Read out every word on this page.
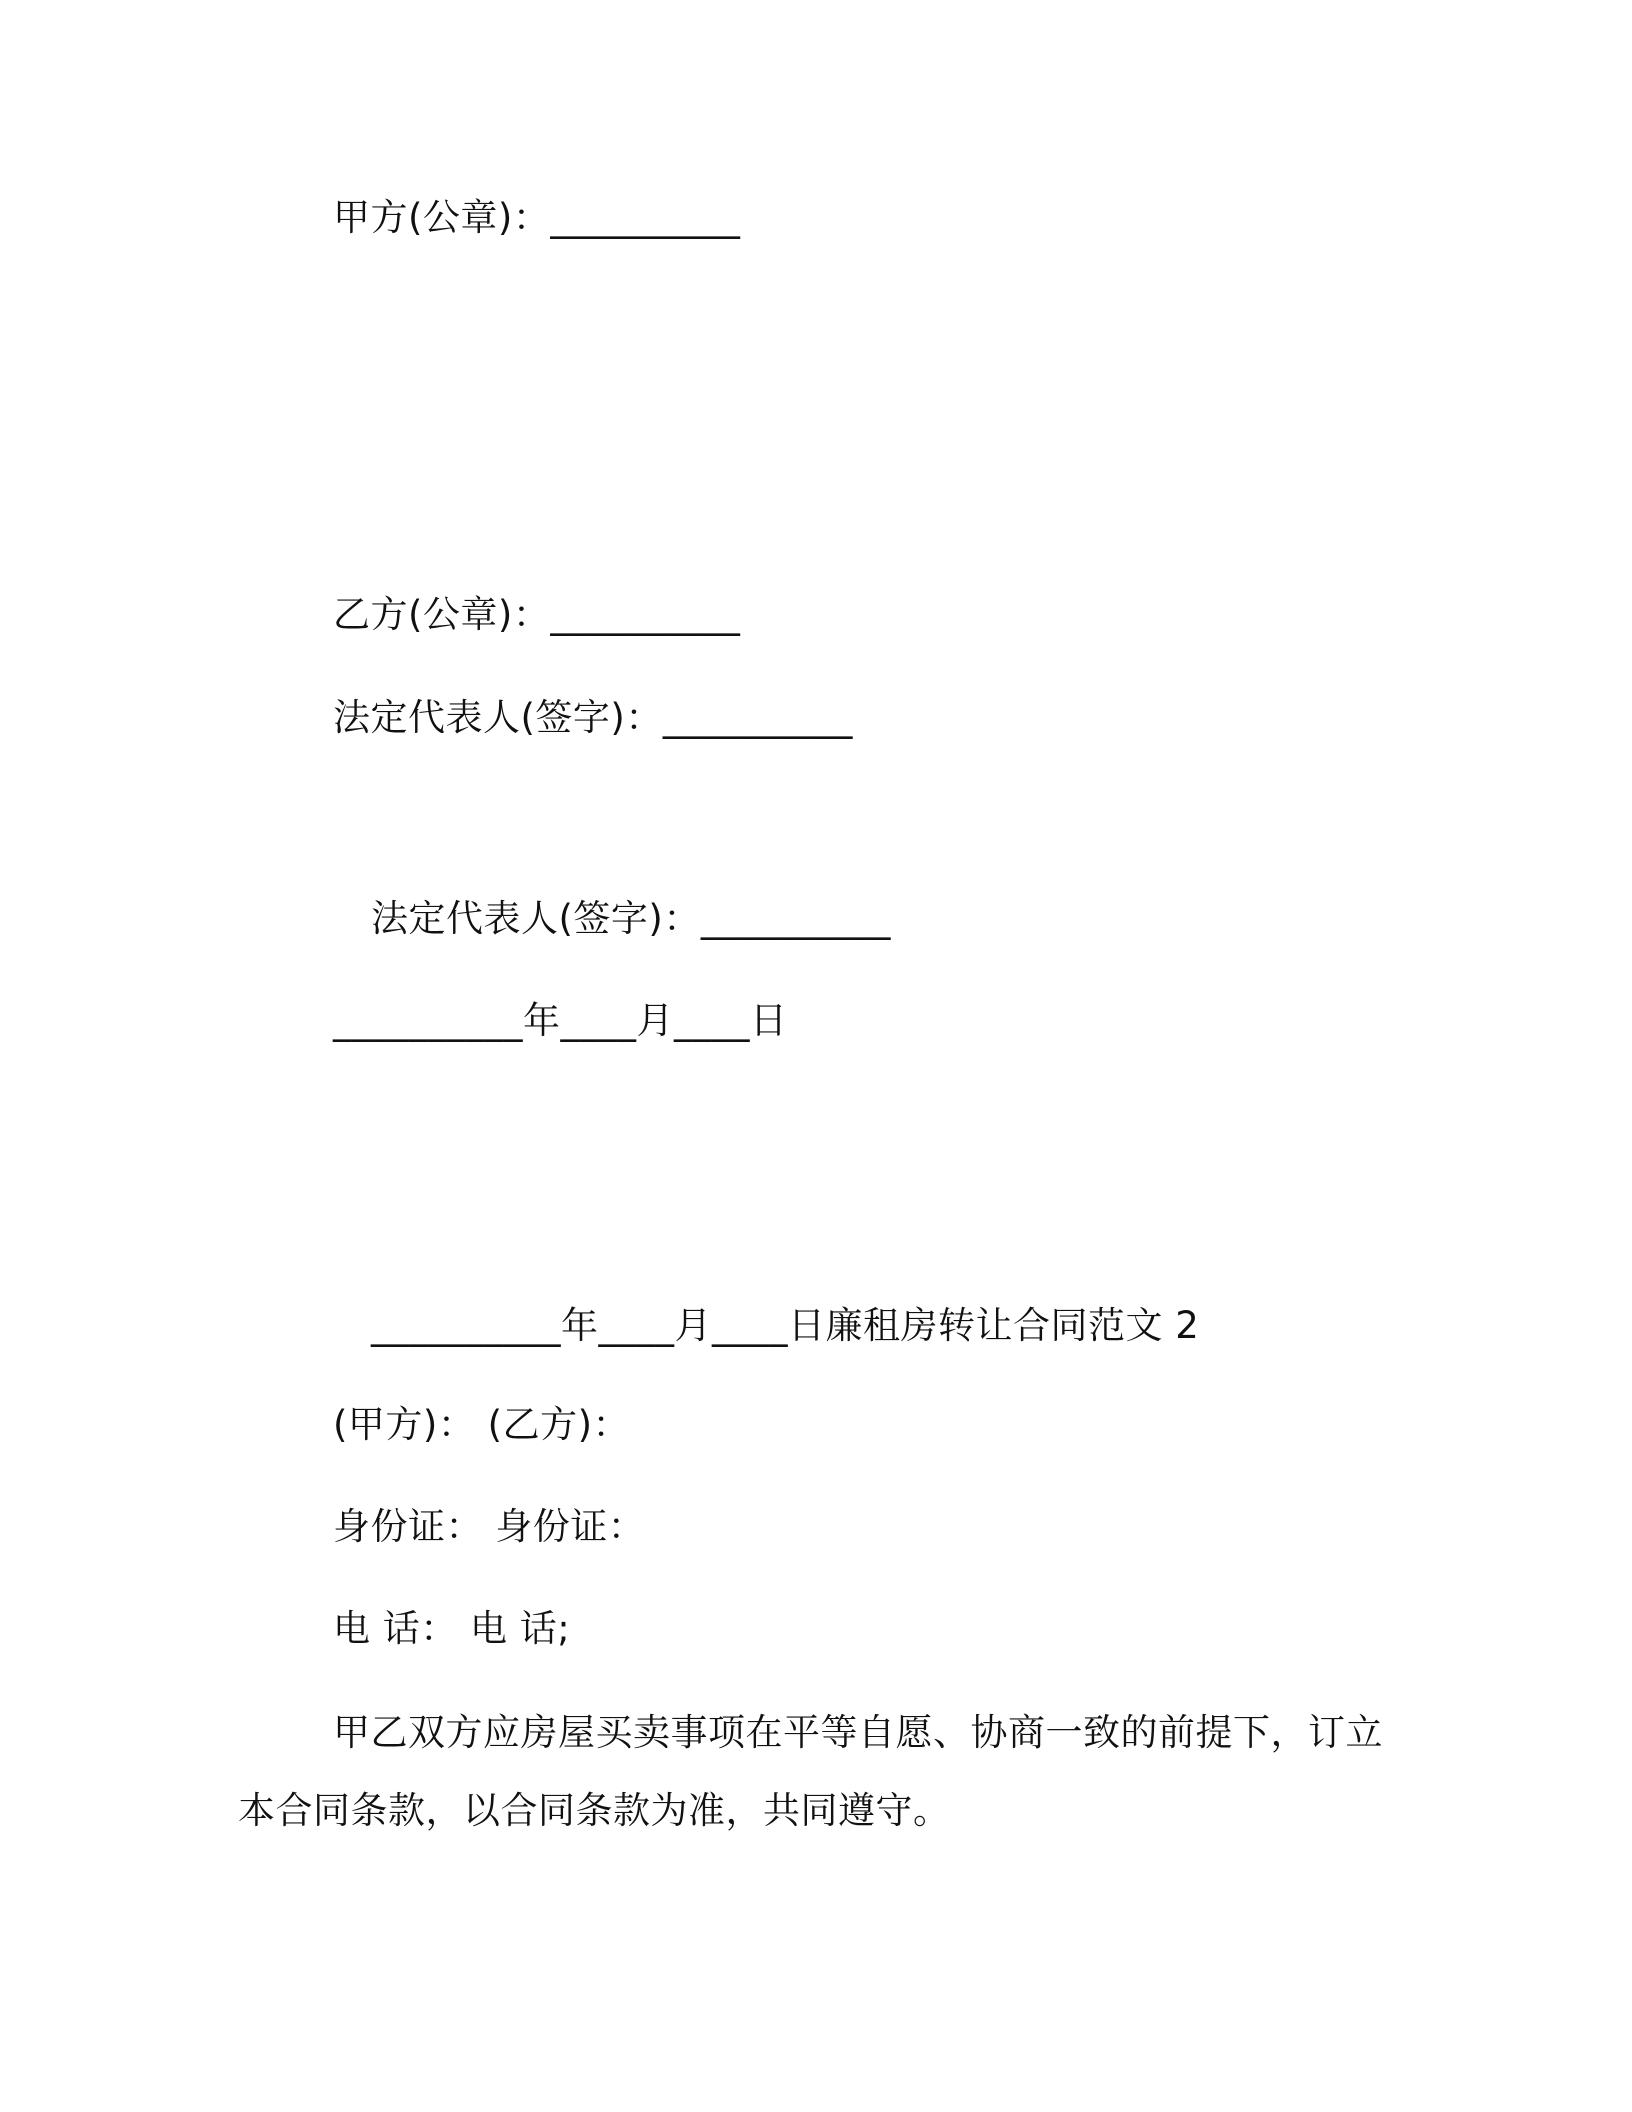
甲方(公章)：__________
乙方(公章)：__________
法定代表人(签字)：__________
法定代表人(签字)：__________
__________年____月____日
__________年____月____日廉租房转让合同范文 2
(甲方)： (乙方)：
身份证： 身份证：
电 话： 电 话;
甲乙双方应房屋买卖事项在平等自愿、协商一致的前提下，订立
本合同条款，以合同条款为准，共同遵守。
